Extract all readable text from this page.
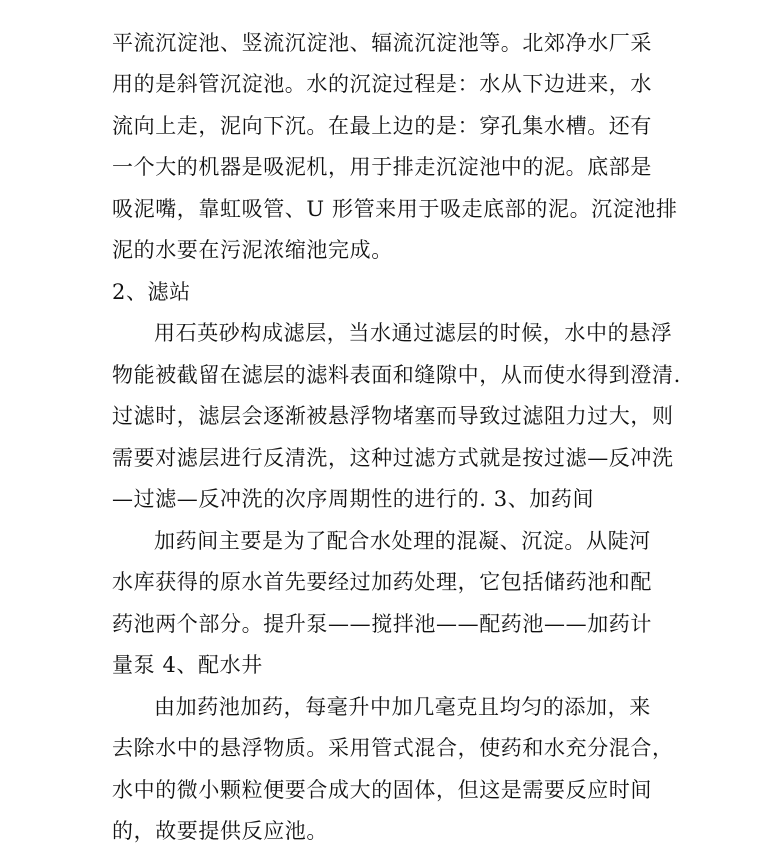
平流沉淀池、竖流沉淀池、辐流沉淀池等。北郊净水厂采
用的是斜管沉淀池。水的沉淀过程是：水从下边进来，水
流向上走，泥向下沉。在最上边的是：穿孔集水槽。还有
一个大的机器是吸泥机，用于排走沉淀池中的泥。底部是
吸泥嘴，靠虹吸管、U 形管来用于吸走底部的泥。沉淀池排
泥的水要在污泥浓缩池完成。
2、滤站
用石英砂构成滤层，当水通过滤层的时候，水中的悬浮
物能被截留在滤层的滤料表面和缝隙中，从而使水得到澄清.
过滤时，滤层会逐渐被悬浮物堵塞而导致过滤阻力过大，则
需要对滤层进行反清洗，这种过滤方式就是按过滤—反冲洗
—过滤—反冲洗的次序周期性的进行的. 3、加药间
加药间主要是为了配合水处理的混凝、沉淀。从陡河
水库获得的原水首先要经过加药处理，它包括储药池和配
药池两个部分。提升泵——搅拌池——配药池——加药计
量泵 4、配水井
由加药池加药，每毫升中加几毫克且均匀的添加，来
去除水中的悬浮物质。采用管式混合，使药和水充分混合，
水中的微小颗粒便要合成大的固体，但这是需要反应时间
的，故要提供反应池。
